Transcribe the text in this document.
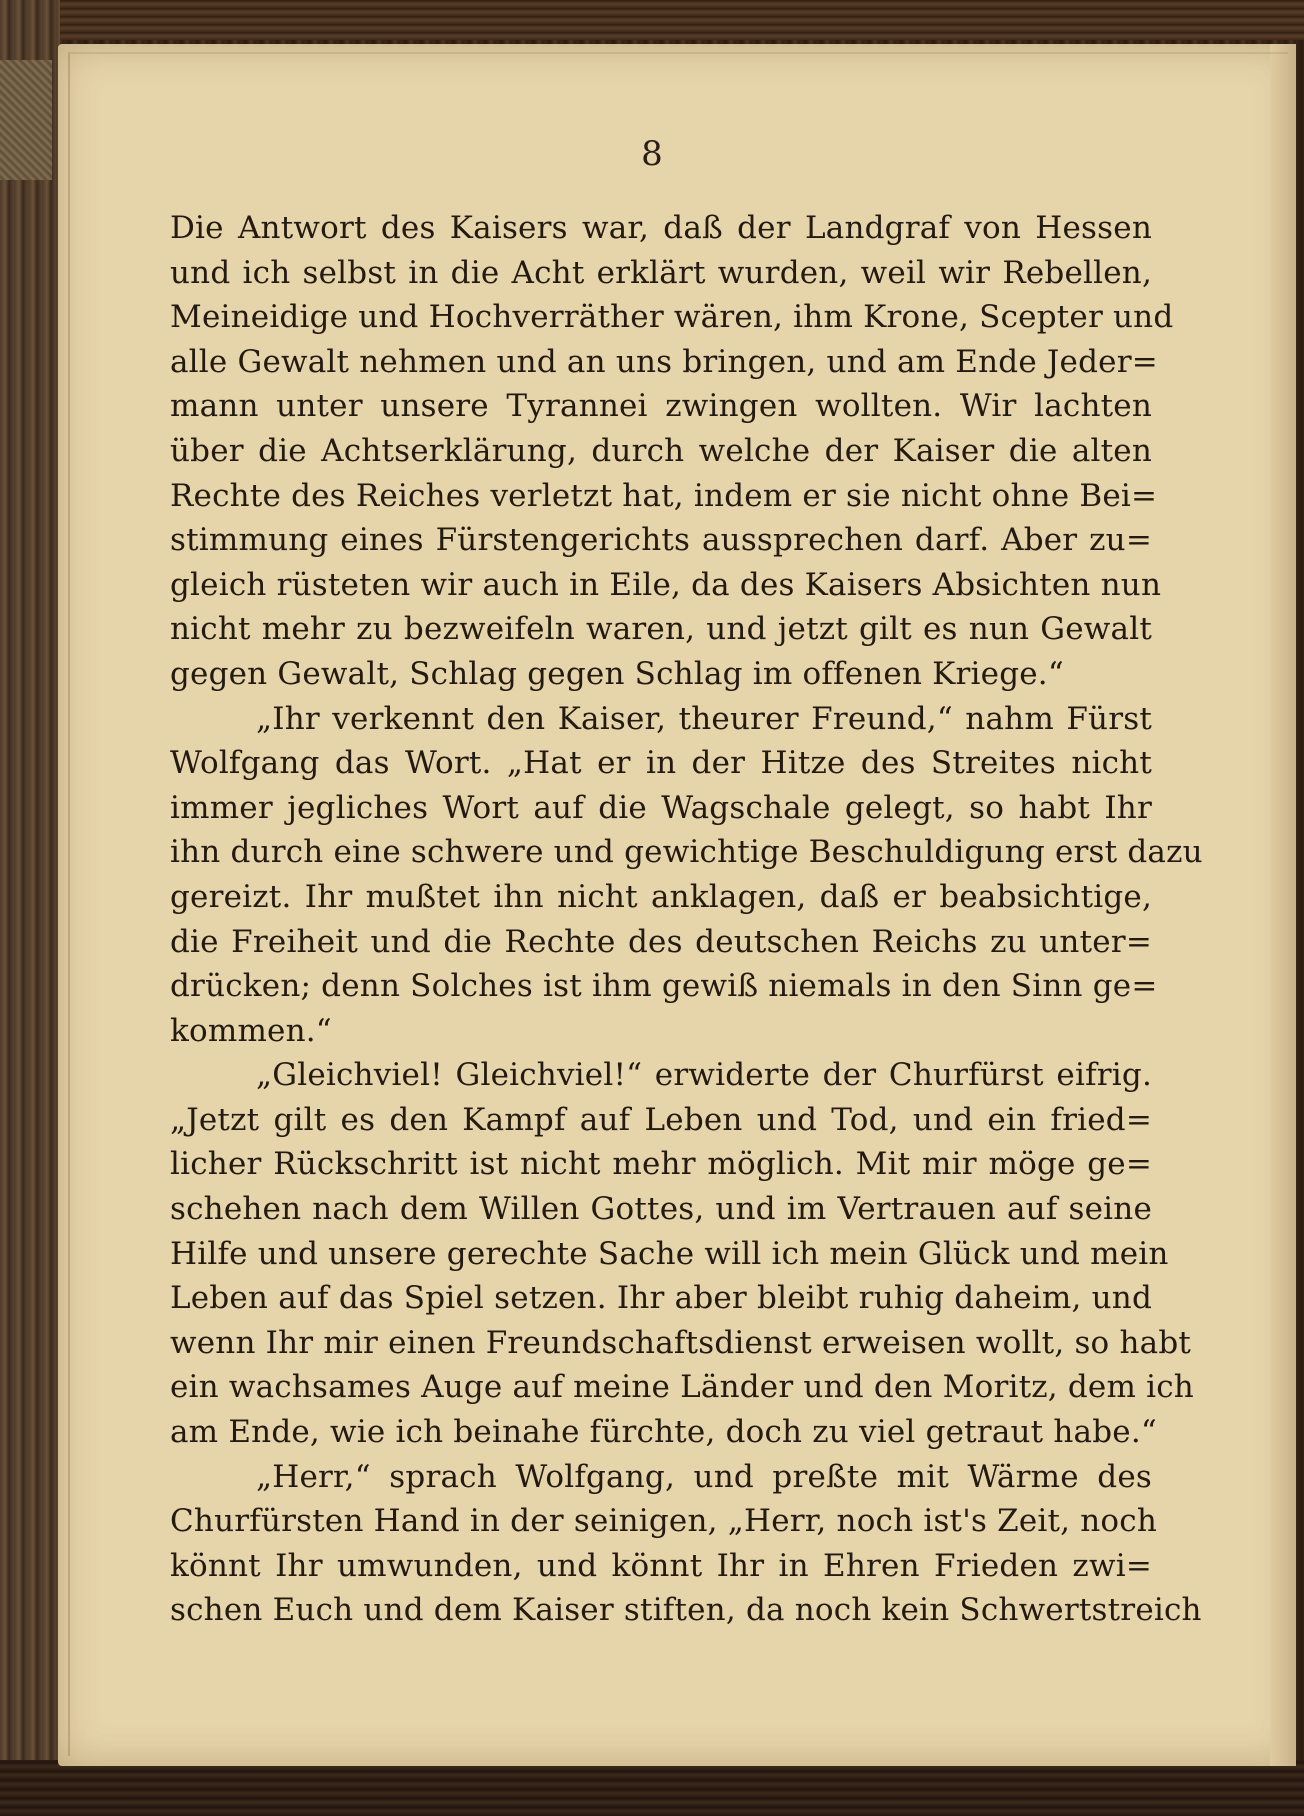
8
Die Antwort des Kaisers war, daß der Landgraf von Hessen
und ich selbst in die Acht erklärt wurden, weil wir Rebellen,
Meineidige und Hochverräther wären, ihm Krone, Scepter und
alle Gewalt nehmen und an uns bringen, und am Ende Jeder=
mann unter unsere Tyrannei zwingen wollten. Wir lachten
über die Achtserklärung, durch welche der Kaiser die alten
Rechte des Reiches verletzt hat, indem er sie nicht ohne Bei=
stimmung eines Fürstengerichts aussprechen darf. Aber zu=
gleich rüsteten wir auch in Eile, da des Kaisers Absichten nun
nicht mehr zu bezweifeln waren, und jetzt gilt es nun Gewalt
gegen Gewalt, Schlag gegen Schlag im offenen Kriege.“
„Ihr verkennt den Kaiser, theurer Freund,“ nahm Fürst
Wolfgang das Wort. „Hat er in der Hitze des Streites nicht
immer jegliches Wort auf die Wagschale gelegt, so habt Ihr
ihn durch eine schwere und gewichtige Beschuldigung erst dazu
gereizt. Ihr mußtet ihn nicht anklagen, daß er beabsichtige,
die Freiheit und die Rechte des deutschen Reichs zu unter=
drücken; denn Solches ist ihm gewiß niemals in den Sinn ge=
kommen.“
„Gleichviel! Gleichviel!“ erwiderte der Churfürst eifrig.
„Jetzt gilt es den Kampf auf Leben und Tod, und ein fried=
licher Rückschritt ist nicht mehr möglich. Mit mir möge ge=
schehen nach dem Willen Gottes, und im Vertrauen auf seine
Hilfe und unsere gerechte Sache will ich mein Glück und mein
Leben auf das Spiel setzen. Ihr aber bleibt ruhig daheim, und
wenn Ihr mir einen Freundschaftsdienst erweisen wollt, so habt
ein wachsames Auge auf meine Länder und den Moritz, dem ich
am Ende, wie ich beinahe fürchte, doch zu viel getraut habe.“
„Herr,“ sprach Wolfgang, und preßte mit Wärme des
Churfürsten Hand in der seinigen, „Herr, noch ist's Zeit, noch
könnt Ihr umwunden, und könnt Ihr in Ehren Frieden zwi=
schen Euch und dem Kaiser stiften, da noch kein Schwertstreich
